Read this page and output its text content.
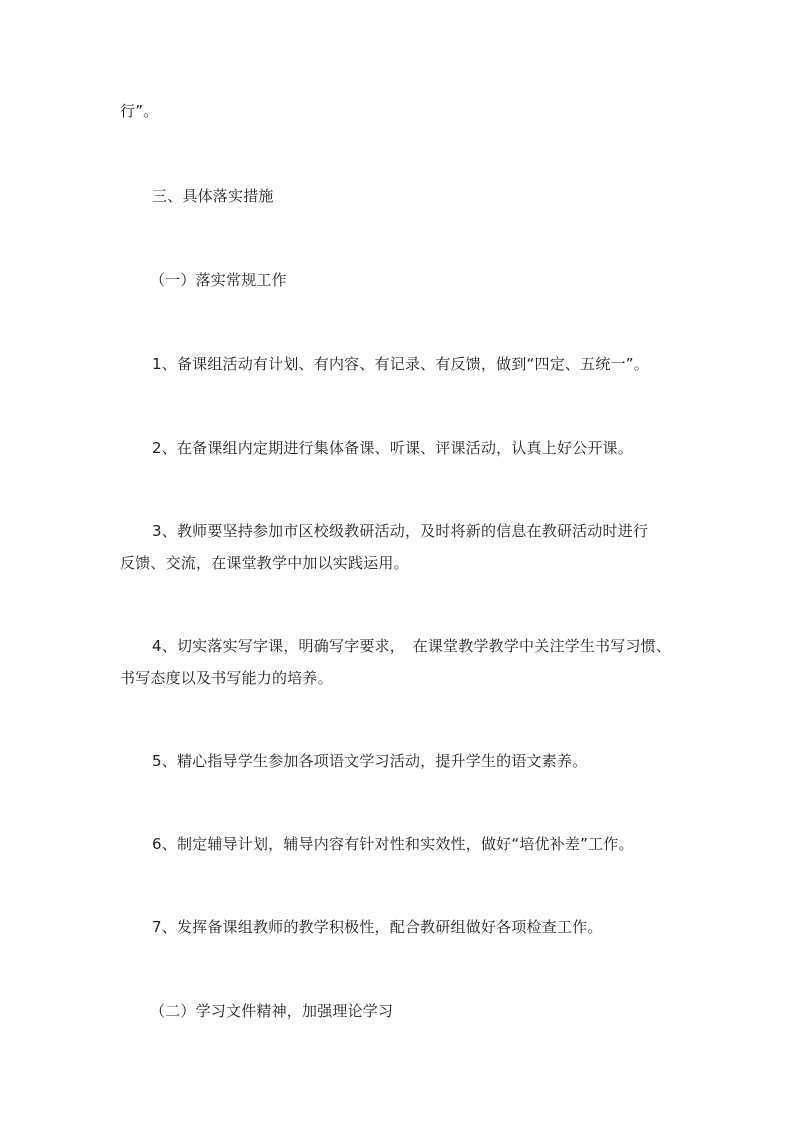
行”。
三、具体落实措施
（一）落实常规工作
1、备课组活动有计划、有内容、有记录、有反馈，做到“四定、五统一”。
2、在备课组内定期进行集体备课、听课、评课活动，认真上好公开课。
3、教师要坚持参加市区校级教研活动，及时将新的信息在教研活动时进行
反馈、交流，在课堂教学中加以实践运用。
4、切实落实写字课，明确写字要求，　在课堂教学教学中关注学生书写习惯、
书写态度以及书写能力的培养。
5、精心指导学生参加各项语文学习活动，提升学生的语文素养。
6、制定辅导计划，辅导内容有针对性和实效性，做好“培优补差”工作。
7、发挥备课组教师的教学积极性，配合教研组做好各项检查工作。
（二）学习文件精神，加强理论学习
